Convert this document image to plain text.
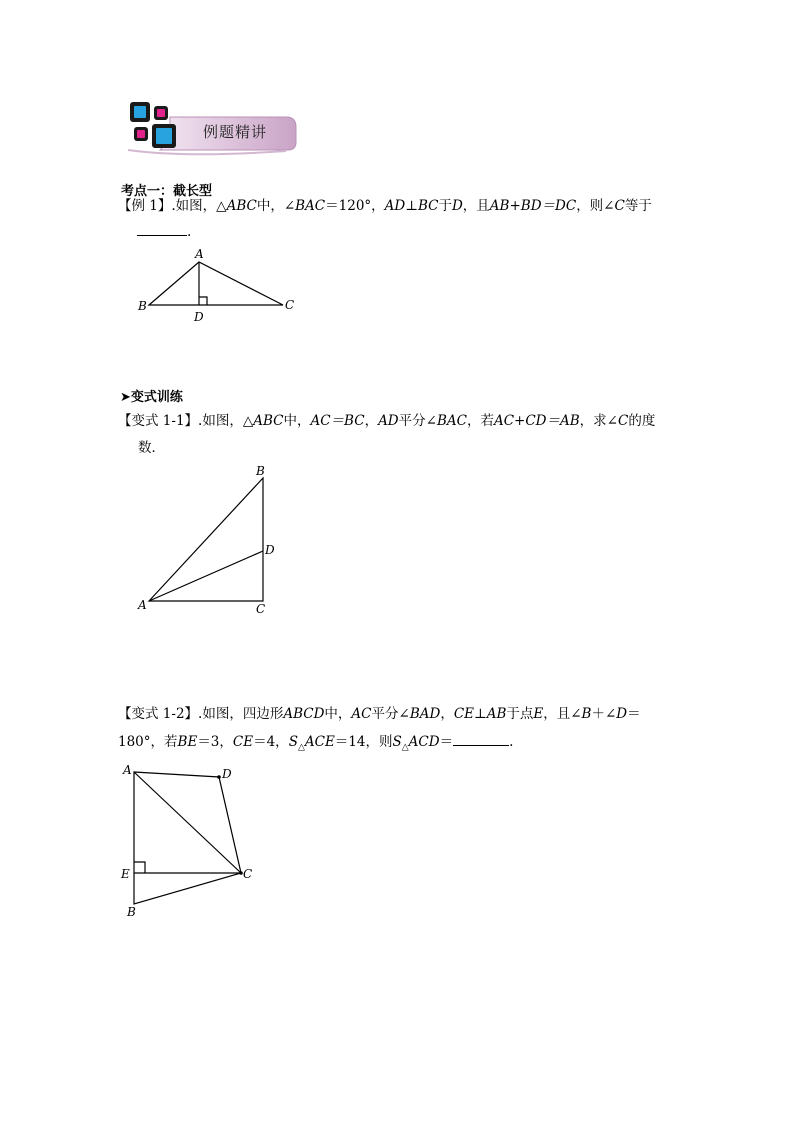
例题精讲
考点一：截长型
【例 1】.如图，△ABC中，∠BAC＝120°，AD⊥BC于D，且AB+BD＝DC，则∠C等于
.
A
B	C
D
➤变式训练
【变式 1-1】.如图，△ABC中，AC＝BC，AD平分∠BAC，若AC+CD＝AB，求∠C的度
数．
B
D
A	C
【变式 1-2】.如图，四边形ABCD中，AC平分∠BAD，CE⊥AB于点E，且∠B＋∠D＝
180°，若BE＝3，CE＝4，$S_\triangle ACE=14$，则$S_\triangle ACD=$	.
A	D
E	C
B
